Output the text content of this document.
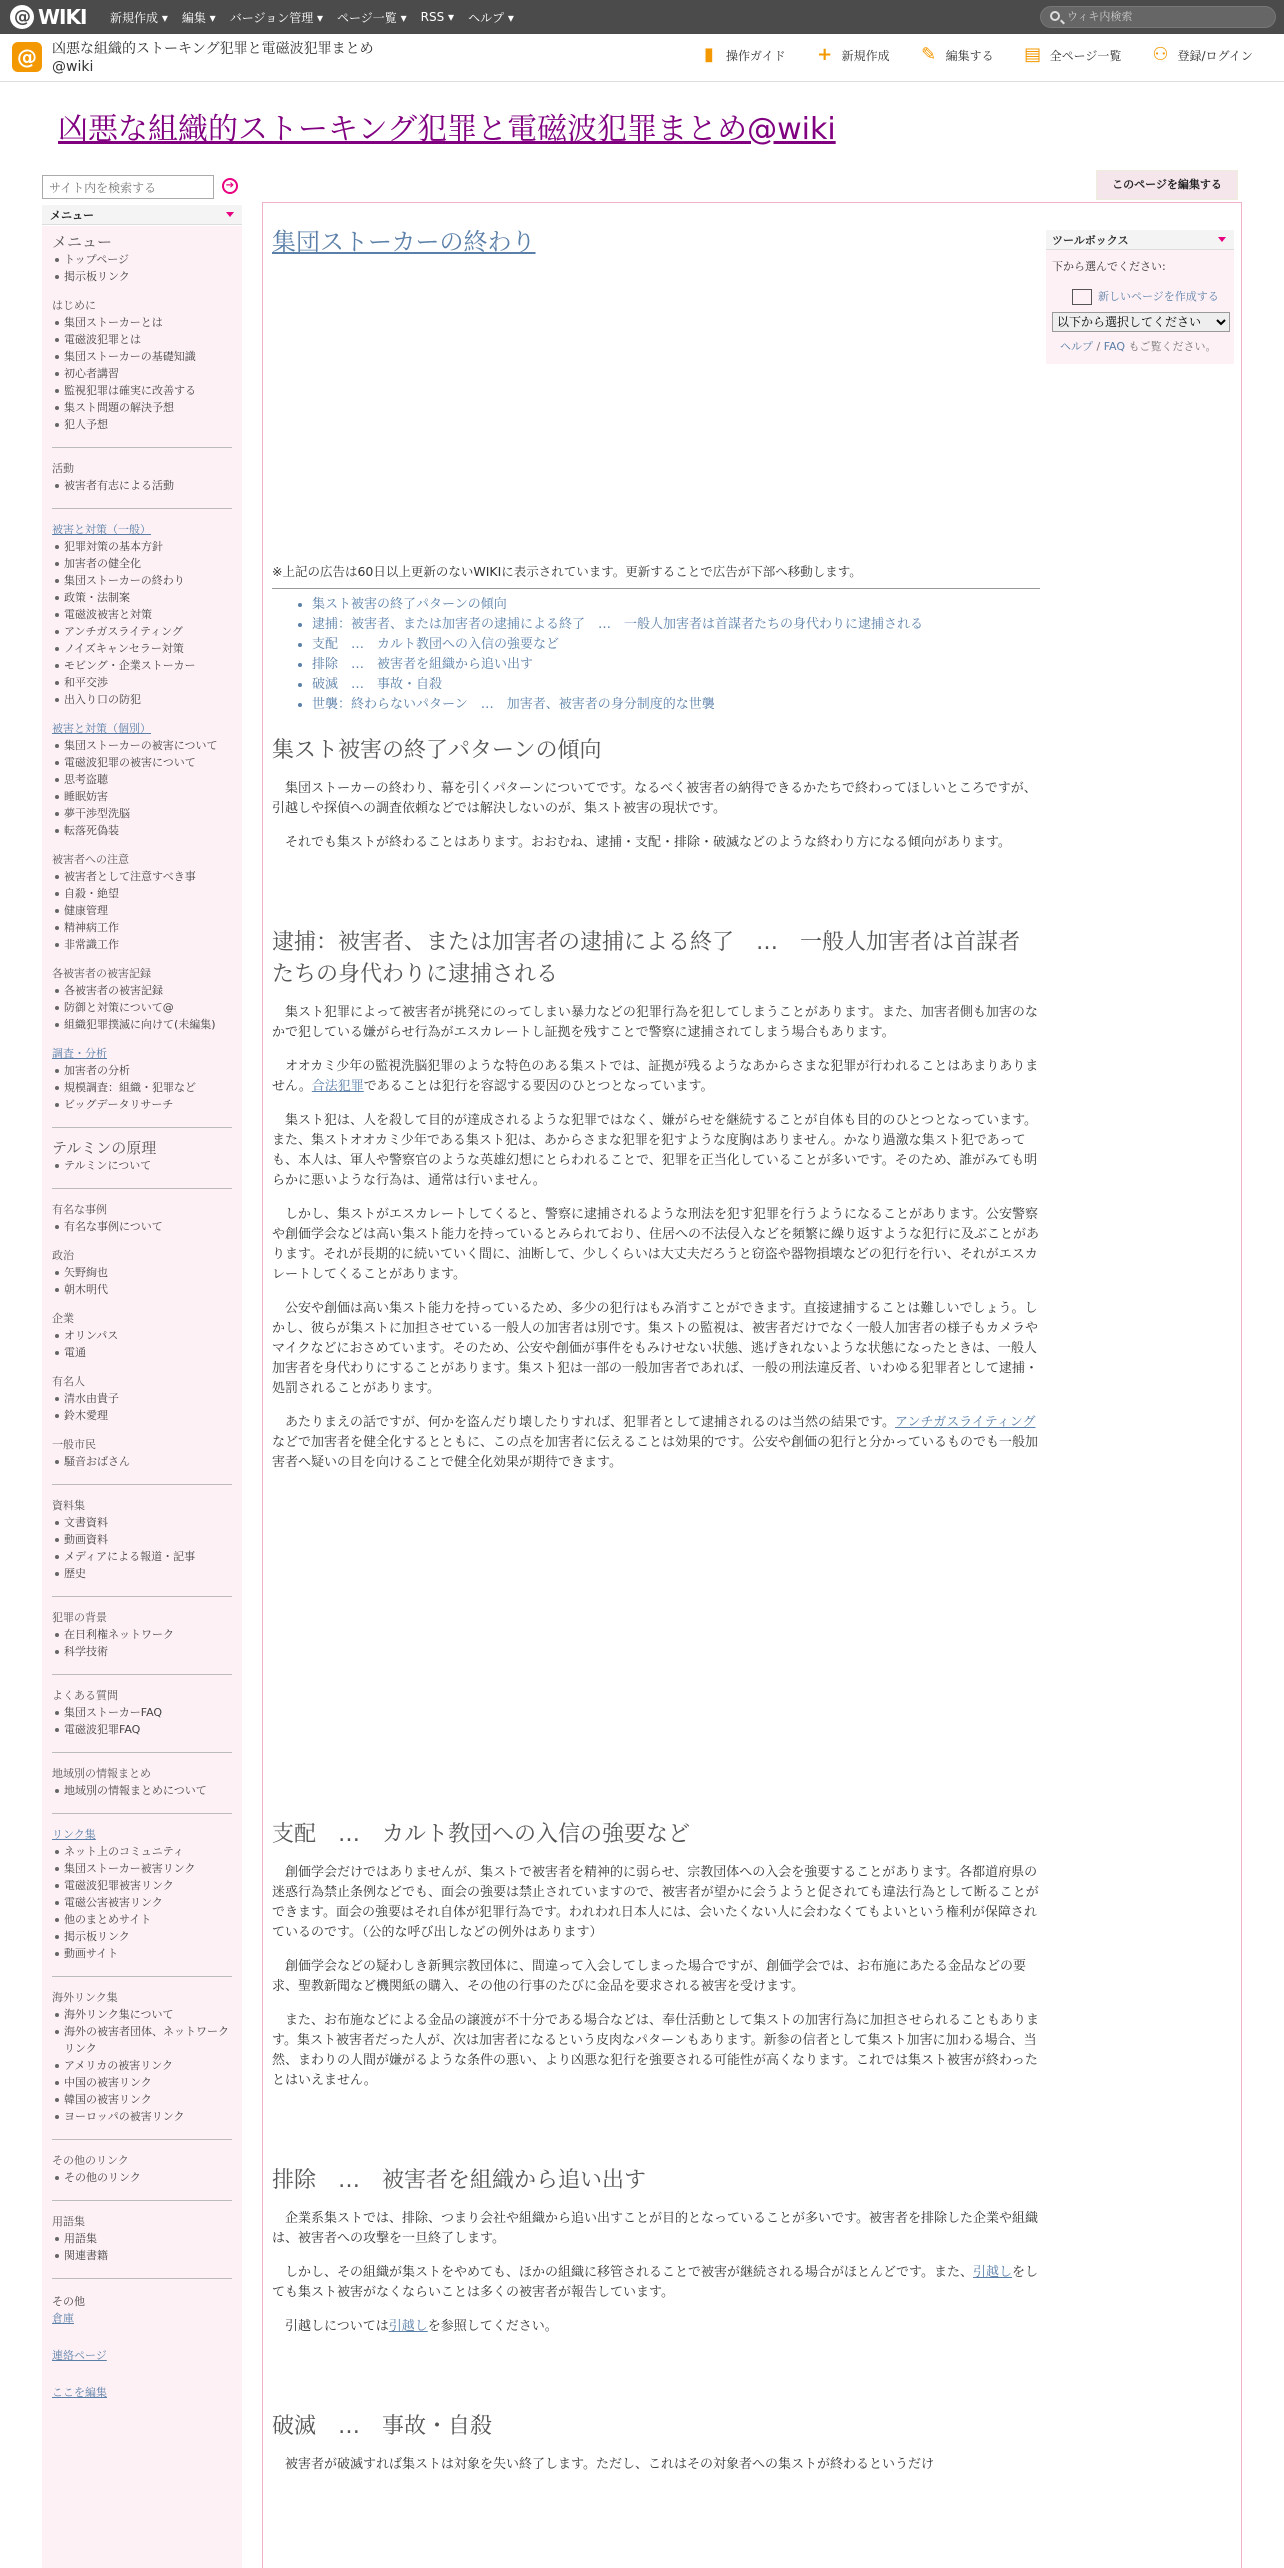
@ WIKI 新規作成 ▾ 編集 ▾ バージョン管理 ▾ ページ一覧 ▾ RSS ▾ ヘルプ ▾	ウィキ内検索
@	凶悪な組織的ストーキング犯罪と電磁波犯罪まとめ@wiki
▮	操作ガイド + 新規作成 ✎ 編集する ▤ 全ページ一覧 ⚇ 登録/ログイン
凶悪な組織的ストーキング犯罪と電磁波犯罪まとめ@wiki
サイト内を検索する	➔
メニュー
メニュー
トップページ
掲示板リンク
はじめに
集団ストーカーとは
電磁波犯罪とは
集団ストーカーの基礎知識
初心者講習
監視犯罪は確実に改善する
集スト問題の解決予想
犯人予想
活動
被害者有志による活動
被害と対策（一般）
犯罪対策の基本方針
加害者の健全化
集団ストーカーの終わり
政策・法制案
電磁波被害と対策
アンチガスライティング
ノイズキャンセラー対策
モビング・企業ストーカー
和平交渉
出入り口の防犯
被害と対策（個別）
集団ストーカーの被害について
電磁波犯罪の被害について
思考盗聴
睡眠妨害
夢干渉型洗脳
転落死偽装
被害者への注意
被害者として注意すべき事
自殺・絶望
健康管理
精神病工作
非常識工作
各被害者の被害記録
各被害者の被害記録
防御と対策について@
組織犯罪撲滅に向けて(未編集)
調査・分析
加害者の分析
規模調査：組織・犯罪など
ビッグデータリサーチ
テルミンの原理
テルミンについて
有名な事例
有名な事例について
政治
矢野絢也
朝木明代
企業
オリンパス
電通
有名人
清水由貴子
鈴木愛理
一般市民
騒音おばさん
資料集
文書資料
動画資料
メディアによる報道・記事
歴史
犯罪の背景
在日利権ネットワーク
科学技術
よくある質問
集団ストーカーFAQ
電磁波犯罪FAQ
地域別の情報まとめ
地域別の情報まとめについて
リンク集
ネット上のコミュニティ
集団ストーカー被害リンク
電磁波犯罪被害リンク
電磁公害被害リンク
他のまとめサイト
掲示板リンク
動画サイト
海外リンク集
海外リンク集について
海外の被害者団体、ネットワークリンク
アメリカの被害リンク
中国の被害リンク
韓国の被害リンク
ヨーロッパの被害リンク
その他のリンク
その他のリンク
用語集
用語集
関連書籍
その他
倉庫
連絡ページ
ここを編集
このページを編集する
集団ストーカーの終わり
※上記の広告は60日以上更新のないWIKIに表示されています。更新することで広告が下部へ移動します。
集スト被害の終了パターンの傾向
逮捕：被害者、または加害者の逮捕による終了　…　一般人加害者は首謀者たちの身代わりに逮捕される
支配　…　カルト教団への入信の強要など
排除　…　被害者を組織から追い出す
破滅　…　事故・自殺
世襲：終わらないパターン　…　加害者、被害者の身分制度的な世襲
集スト被害の終了パターンの傾向

集団ストーカーの終わり、幕を引くパターンについてです。なるべく被害者の納得できるかたちで終わってほしいところですが、引越しや探偵への調査依頼などでは解決しないのが、集スト被害の現状です。

それでも集ストが終わることはあります。おおむね、逮捕・支配・排除・破滅などのような終わり方になる傾向があります。

逮捕：被害者、または加害者の逮捕による終了　…　一般人加害者は首謀者たちの身代わりに逮捕される

集スト犯罪によって被害者が挑発にのってしまい暴力などの犯罪行為を犯してしまうことがあります。また、加害者側も加害のなかで犯している嫌がらせ行為がエスカレートし証拠を残すことで警察に逮捕されてしまう場合もあります。

オオカミ少年の監視洗脳犯罪のような特色のある集ストでは、証拠が残るようなあからさまな犯罪が行われることはあまりありません。合法犯罪であることは犯行を容認する要因のひとつとなっています。

集スト犯は、人を殺して目的が達成されるような犯罪ではなく、嫌がらせを継続することが自体も目的のひとつとなっています。また、集ストオオカミ少年である集スト犯は、あからさまな犯罪を犯すような度胸はありません。かなり過激な集スト犯であっても、本人は、軍人や警察官のような英雄幻想にとらわれることで、犯罪を正当化していることが多いです。そのため、誰がみても明らかに悪いような行為は、通常は行いません。

しかし、集ストがエスカレートしてくると、警察に逮捕されるような刑法を犯す犯罪を行うようになることがあります。公安警察や創価学会などは高い集スト能力を持っているとみられており、住居への不法侵入などを頻繁に繰り返すような犯行に及ぶことがあります。それが長期的に続いていく間に、油断して、少しくらいは大丈夫だろうと窃盗や器物損壊などの犯行を行い、それがエスカレートしてくることがあります。

公安や創価は高い集スト能力を持っているため、多少の犯行はもみ消すことができます。直接逮捕することは難しいでしょう。しかし、彼らが集ストに加担させている一般人の加害者は別です。集ストの監視は、被害者だけでなく一般人加害者の様子もカメラやマイクなどにおさめています。そのため、公安や創価が事件をもみけせない状態、逃げきれないような状態になったときは、一般人加害者を身代わりにすることがあります。集スト犯は一部の一般加害者であれば、一般の刑法違反者、いわゆる犯罪者として逮捕・処罰されることがあります。

あたりまえの話ですが、何かを盗んだり壊したりすれば、犯罪者として逮捕されるのは当然の結果です。アンチガスライティングなどで加害者を健全化するとともに、この点を加害者に伝えることは効果的です。公安や創価の犯行と分かっているものでも一般加害者へ疑いの目を向けることで健全化効果が期待できます。

支配　…　カルト教団への入信の強要など

創価学会だけではありませんが、集ストで被害者を精神的に弱らせ、宗教団体への入会を強要することがあります。各都道府県の迷惑行為禁止条例などでも、面会の強要は禁止されていますので、被害者が望かに会うようと促されても違法行為として断ることができます。面会の強要はそれ自体が犯罪行為です。われわれ日本人には、会いたくない人に会わなくてもよいという権利が保障されているのです。（公的な呼び出しなどの例外はあります）

創価学会などの疑わしき新興宗教団体に、間違って入会してしまった場合ですが、創価学会では、お布施にあたる金品などの要求、聖教新聞など機関紙の購入、その他の行事のたびに金品を要求される被害を受けます。

また、お布施などによる金品の譲渡が不十分である場合などは、奉仕活動として集ストの加害行為に加担させられることもあります。集スト被害者だった人が、次は加害者になるという皮肉なパターンもあります。新参の信者として集スト加害に加わる場合、当然、まわりの人間が嫌がるような条件の悪い、より凶悪な犯行を強要される可能性が高くなります。これでは集スト被害が終わったとはいえません。

排除　…　被害者を組織から追い出す

企業系集ストでは、排除、つまり会社や組織から追い出すことが目的となっていることが多いです。被害者を排除した企業や組織は、被害者への攻撃を一旦終了します。

しかし、その組織が集ストをやめても、ほかの組織に移管されることで被害が継続される場合がほとんどです。また、引越しをしても集スト被害がなくならいことは多くの被害者が報告しています。

引越しについては引越しを参照してください。

破滅　…　事故・自殺

被害者が破滅すれば集ストは対象を失い終了します。ただし、これはその対象者への集ストが終わるというだけ

ツールボックス
下から選んでください:
新しいページを作成する
以下から選択してください
ヘルプ / FAQ もご覧ください。
